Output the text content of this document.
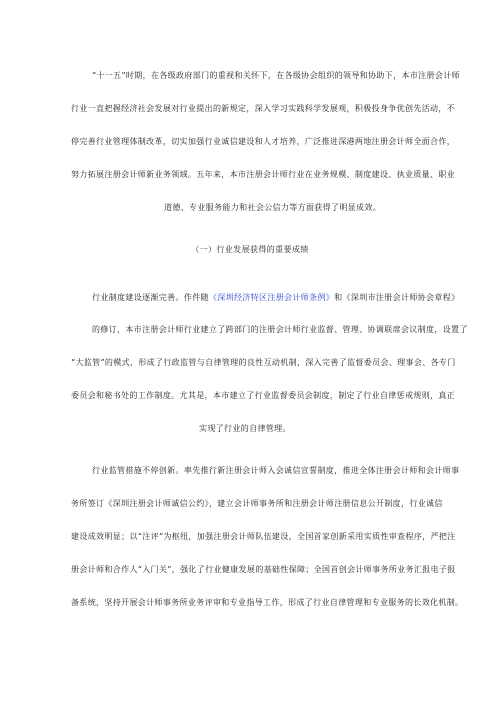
“十一五”时期，在各级政府部门的重视和关怀下，在各级协会组织的领导和协助下，本市注册会计师
行业一直把握经济社会发展对行业提出的新规定，深入学习实践科学发展观，积极投身争优创先活动，不
停完善行业管理体制改革，切实加强行业诚信建设和人才培养，广泛推进深港两地注册会计师全面合作，
努力拓展注册会计师新业务领域。五年来，本市注册会计师行业在业务规模、制度建设、执业质量、职业
道德、专业服务能力和社会公信力等方面获得了明显成效。
（一）行业发展获得的重要成绩
行业制度建设逐渐完善。作件随《深圳经济特区注册会计师条例》和《深圳市注册会计师协会章程》
的修订，本市注册会计师行业建立了跨部门的注册会计师行业监督、管理、协调联席会议制度，设置了
“大监管”的模式，形成了行政监管与自律管理的良性互动机制，深入完善了监督委员会、理事会、各专门
委员会和秘书处的工作制度。尤其是，本市建立了行业监督委员会制度，制定了行业自律惩戒规则，真正
实现了行业的自律管理。
行业监管措施不停创新。率先推行新注册会计师入会诚信宣誓制度，推进全体注册会计师和会计师事
务所签订《深圳注册会计师诚信公约》，建立会计师事务所和注册会计师注册信息公开制度，行业诚信
建设成效明显；以“注评”为枢纽，加强注册会计师队伍建设，全国首家创新采用实质性审查程序，严把注
册会计师和合作人“入门关”，强化了行业健康发展的基础性保障；全国首创会计师事务所业务汇报电子报
备系统，坚持开展会计师事务所业务评审和专业指导工作，形成了行业自律管理和专业服务的长效化机制。
